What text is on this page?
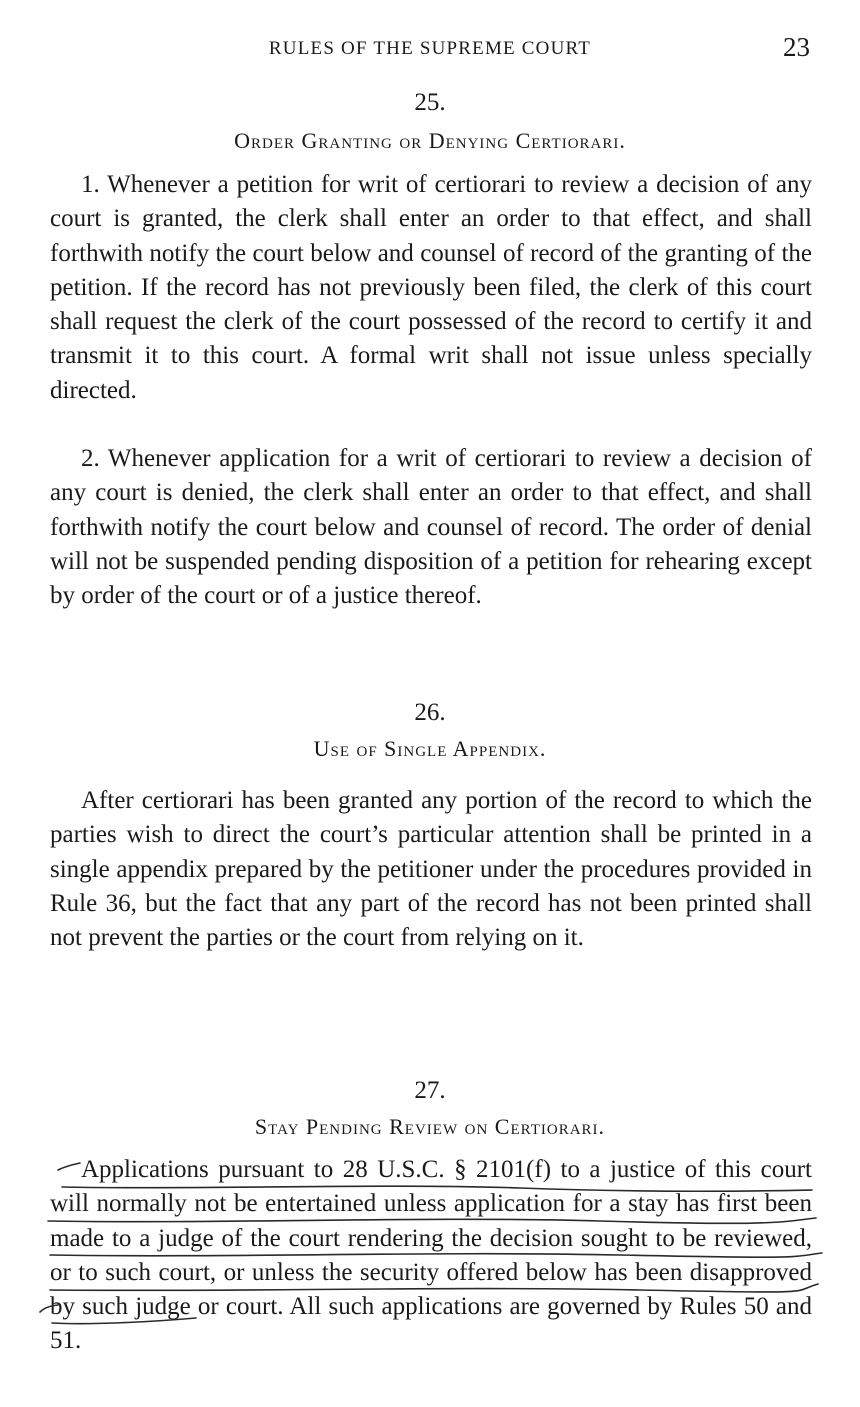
RULES OF THE SUPREME COURT	23
25.
Order Granting or Denying Certiorari.

1. Whenever a petition for writ of certiorari to review a decision of any court is granted, the clerk shall enter an order to that effect, and shall forthwith notify the court below and counsel of record of the granting of the petition. If the record has not previously been filed, the clerk of this court shall request the clerk of the court possessed of the record to certify it and transmit it to this court. A formal writ shall not issue unless specially directed.

2. Whenever application for a writ of certiorari to review a decision of any court is denied, the clerk shall enter an order to that effect, and shall forthwith notify the court below and counsel of record. The order of denial will not be suspended pending disposition of a petition for rehearing except by order of the court or of a justice thereof.

26.
Use of Single Appendix.

After certiorari has been granted any portion of the record to which the parties wish to direct the court’s particular attention shall be printed in a single appendix prepared by the petitioner under the procedures provided in Rule 36, but the fact that any part of the record has not been printed shall not prevent the parties or the court from relying on it.

27.
Stay Pending Review on Certiorari.

Applications pursuant to 28 U.S.C. § 2101(f) to a justice of this court will normally not be entertained unless application for a stay has first been made to a judge of the court rendering the decision sought to be reviewed, or to such court, or unless the security offered below has been disapproved by such judge or court. All such applications are governed by Rules 50 and 51.
